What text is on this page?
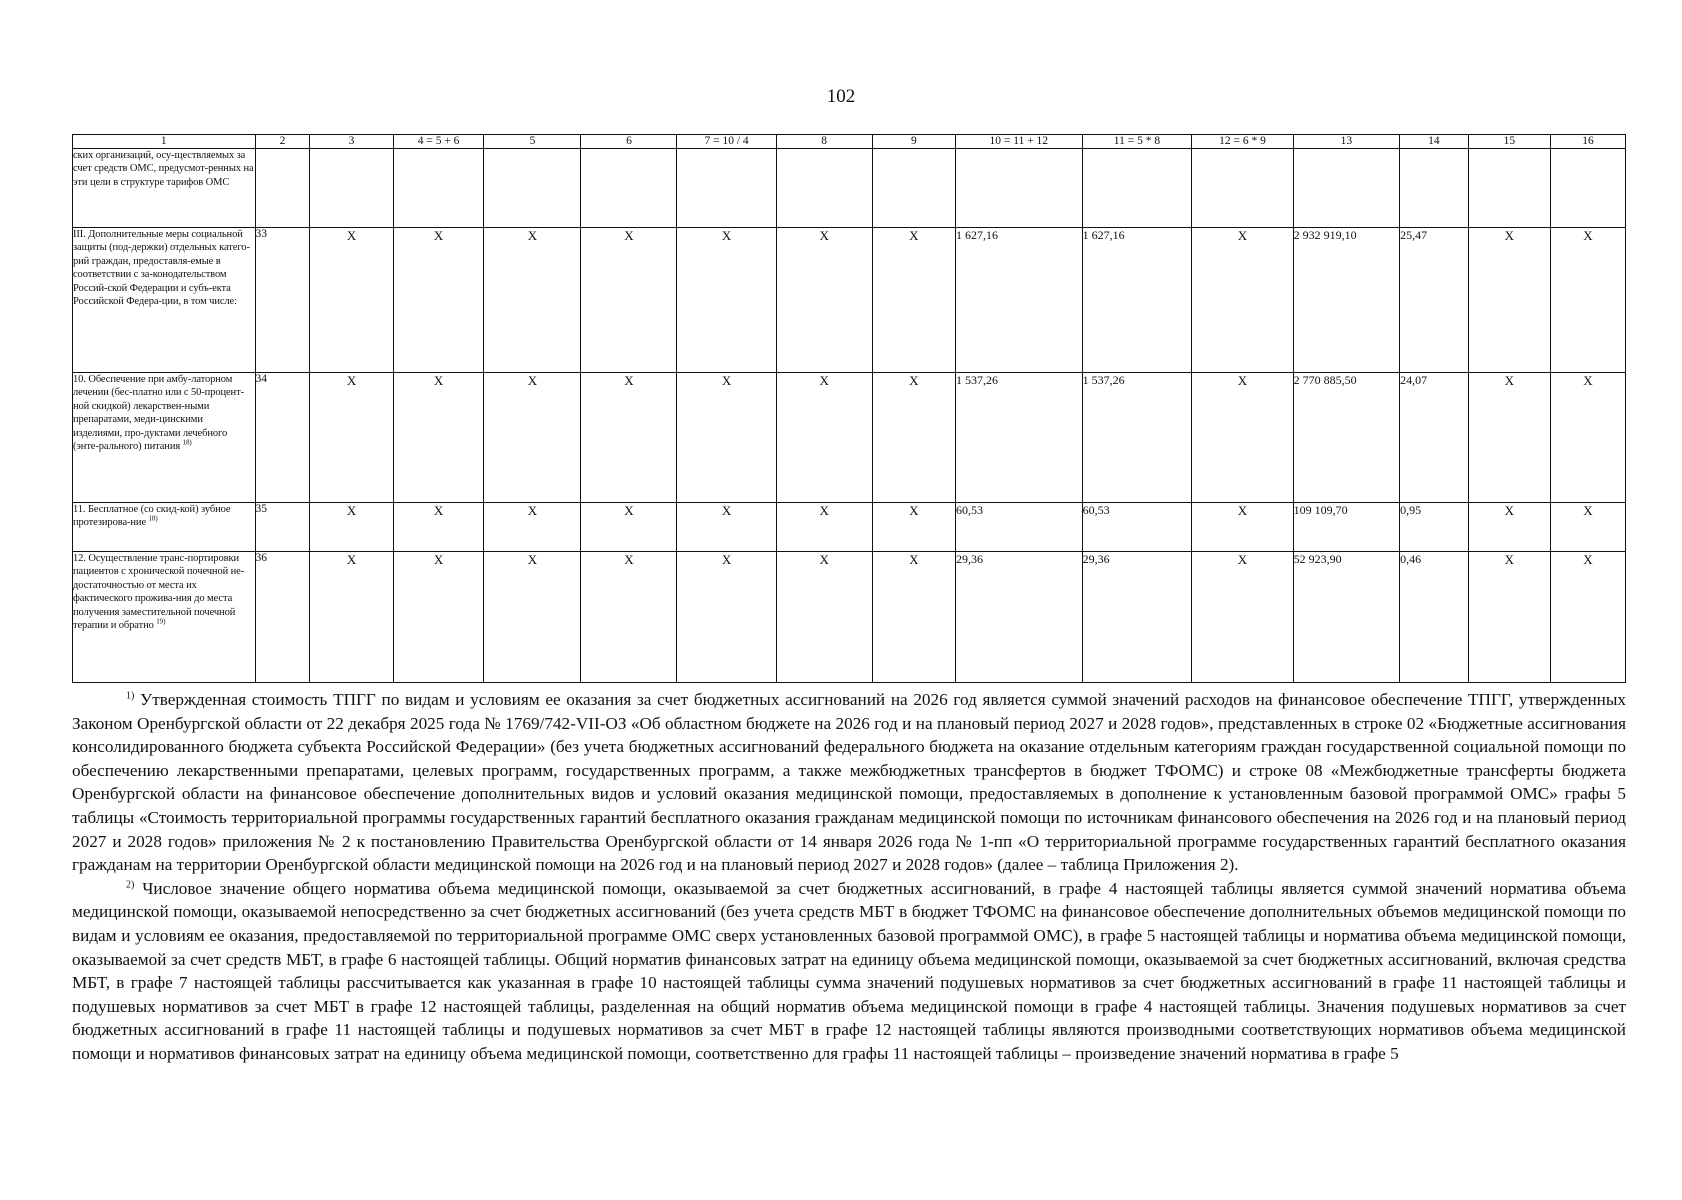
102
1	2	3	4 = 5 + 6	5	6	7 = 10 / 4	8	9	10 = 11 + 12	11 = 5 * 8	12 = 6 * 9	13	14	15	16
ских организаций, осу-ществляемых за счет средств ОМС, предусмот-ренных на эти цели в структуре тарифов ОМС															
III. Дополнительные меры социальной защиты (под-держки) отдельных катего-рий граждан, предоставля-емые в соответствии с за-конодательством Россий-ской Федерации и субъ-екта Российской Федера-ции, в том числе:	33	X	X	X	X	X	X	X	1 627,16	1 627,16	X	2 932 919,10	25,47	X	X
10. Обеспечение при амбу-латорном лечении (бес-платно или с 50-процент-ной скидкой) лекарствен-ными препаратами, меди-цинскими изделиями, про-дуктами лечебного (энте-рального) питания $^{18)}$	34	X	X	X	X	X	X	X	1 537,26	1 537,26	X	2 770 885,50	24,07	X	X
11. Бесплатное (со скид-кой) зубное протезирова-ние $^{18)}$	35	X	X	X	X	X	X	X	60,53	60,53	X	109 109,70	0,95	X	X
12. Осуществление транс-портировки пациентов с хронической почечной не-достаточностью от места их фактического прожива-ния до места получения заместительной почечной терапии и обратно $^{19)}$	36	X	X	X	X	X	X	X	29,36	29,36	X	52 923,90	0,46	X	X

$^{1)}$ Утвержденная стоимость ТПГГ по видам и условиям ее оказания за счет бюджетных ассигнований на 2026 год является суммой значений расходов на финансовое обеспечение ТПГГ, утвержденных Законом Оренбургской области от 22 декабря 2025 года № 1769/742-VII-ОЗ «Об областном бюджете на 2026 год и на плановый период 2027 и 2028 годов», представленных в строке 02 «Бюджетные ассигнования консолидированного бюджета субъекта Российской Федерации» (без учета бюджетных ассигнований федерального бюджета на оказание отдельным категориям граждан государственной социальной помощи по обеспечению лекарственными препаратами, целевых программ, государственных программ, а также межбюджетных трансфертов в бюджет ТФОМС) и строке 08 «Межбюджетные трансферты бюджета Оренбургской области на финансовое обеспечение дополнительных видов и условий оказания медицинской помощи, предоставляемых в дополнение к установленным базовой программой ОМС» графы 5 таблицы «Стоимость территориальной программы государственных гарантий бесплатного оказания гражданам медицинской помощи по источникам финансового обеспечения на 2026 год и на плановый период 2027 и 2028 годов» приложения № 2 к постановлению Правительства Оренбургской области от 14 января 2026 года № 1-пп «О территориальной программе государственных гарантий бесплатного оказания гражданам на территории Оренбургской области медицинской помощи на 2026 год и на плановый период 2027 и 2028 годов» (далее – таблица Приложения 2).

$^{2)}$ Числовое значение общего норматива объема медицинской помощи, оказываемой за счет бюджетных ассигнований, в графе 4 настоящей таблицы является суммой значений норматива объема медицинской помощи, оказываемой непосредственно за счет бюджетных ассигнований (без учета средств МБТ в бюджет ТФОМС на финансовое обеспечение дополнительных объемов медицинской помощи по видам и условиям ее оказания, предоставляемой по территориальной программе ОМС сверх установленных базовой программой ОМС), в графе 5 настоящей таблицы и норматива объема медицинской помощи, оказываемой за счет средств МБТ, в графе 6 настоящей таблицы. Общий норматив финансовых затрат на единицу объема медицинской помощи, оказываемой за счет бюджетных ассигнований, включая средства МБТ, в графе 7 настоящей таблицы рассчитывается как указанная в графе 10 настоящей таблицы сумма значений подушевых нормативов за счет бюджетных ассигнований в графе 11 настоящей таблицы и подушевых нормативов за счет МБТ в графе 12 настоящей таблицы, разделенная на общий норматив объема медицинской помощи в графе 4 настоящей таблицы. Значения подушевых нормативов за счет бюджетных ассигнований в графе 11 настоящей таблицы и подушевых нормативов за счет МБТ в графе 12 настоящей таблицы являются производными соответствующих нормативов объема медицинской помощи и нормативов финансовых затрат на единицу объема медицинской помощи, соответственно для графы 11 настоящей таблицы – произведение значений норматива в графе 5
